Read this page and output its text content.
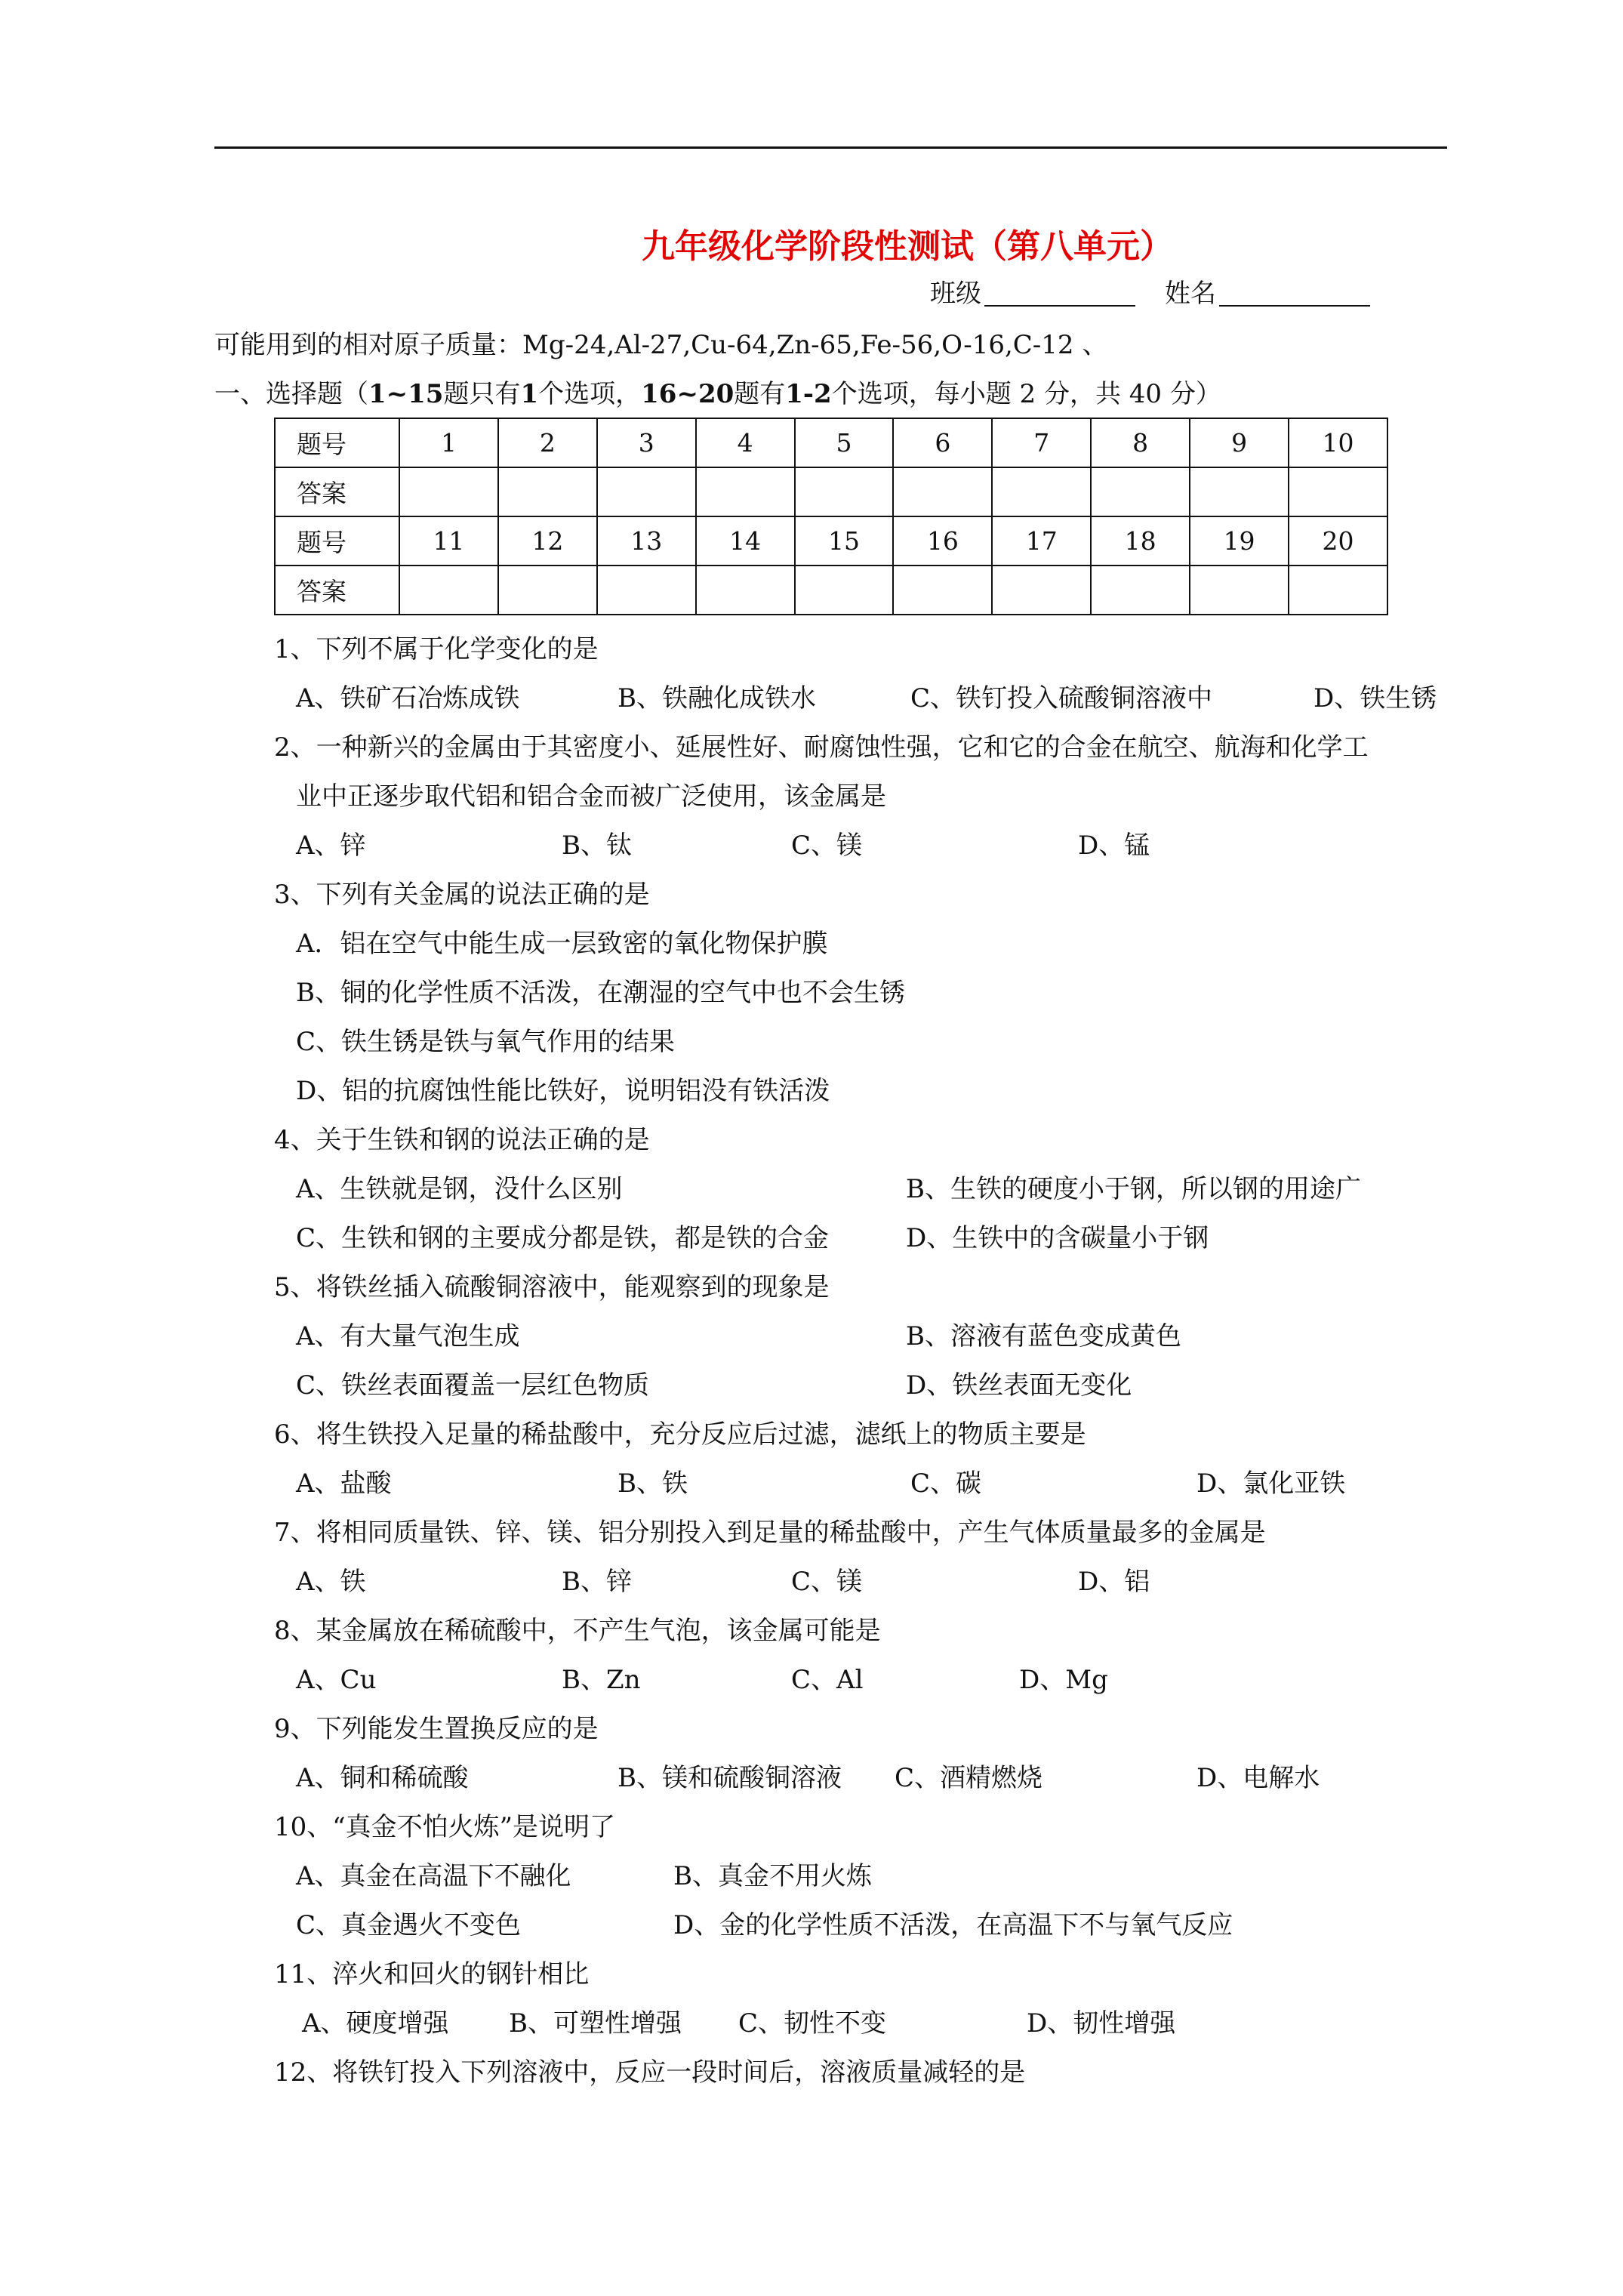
九年级化学阶段性测试（第八单元）
班级	姓名
可能用到的相对原子质量：Mg-24,Al-27,Cu-64,Zn-65,Fe-56,O-16,C-12 、
一、选择题（1~15题只有1个选项，16~20题有1-2个选项，每小题 2 分，共 40 分）
题号	1	2	3	4	5	6	7	8	9	10
答案										
题号	11	12	13	14	15	16	17	18	19	20
答案										
1、下列不属于化学变化的是
A、铁矿石冶炼成铁	B、铁融化成铁水	C、铁钉投入硫酸铜溶液中	D、铁生锈
2、一种新兴的金属由于其密度小、延展性好、耐腐蚀性强，它和它的合金在航空、航海和化学工
业中正逐步取代铝和铝合金而被广泛使用，该金属是
A、锌	B、钛	C、镁	D、锰
3、下列有关金属的说法正确的是
A．铝在空气中能生成一层致密的氧化物保护膜
B、铜的化学性质不活泼，在潮湿的空气中也不会生锈
C、铁生锈是铁与氧气作用的结果
D、铝的抗腐蚀性能比铁好，说明铝没有铁活泼
4、关于生铁和钢的说法正确的是
A、生铁就是钢，没什么区别	B、生铁的硬度小于钢，所以钢的用途广
C、生铁和钢的主要成分都是铁，都是铁的合金	D、生铁中的含碳量小于钢
5、将铁丝插入硫酸铜溶液中，能观察到的现象是
A、有大量气泡生成	B、溶液有蓝色变成黄色
C、铁丝表面覆盖一层红色物质	D、铁丝表面无变化
6、将生铁投入足量的稀盐酸中，充分反应后过滤，滤纸上的物质主要是
A、盐酸	B、铁	C、碳	D、氯化亚铁
7、将相同质量铁、锌、镁、铝分别投入到足量的稀盐酸中，产生气体质量最多的金属是
A、铁	B、锌	C、镁	D、铝
8、某金属放在稀硫酸中，不产生气泡，该金属可能是
A、Cu	B、Zn	C、Al	D、Mg
9、下列能发生置换反应的是
A、铜和稀硫酸	B、镁和硫酸铜溶液 C、酒精燃烧	D、电解水
10、“真金不怕火炼”是说明了
A、真金在高温下不融化	B、真金不用火炼
C、真金遇火不变色	D、金的化学性质不活泼，在高温下不与氧气反应
11、淬火和回火的钢针相比
A、硬度增强 B、可塑性增强 C、韧性不变	D、韧性增强
12、将铁钉投入下列溶液中，反应一段时间后，溶液质量减轻的是
